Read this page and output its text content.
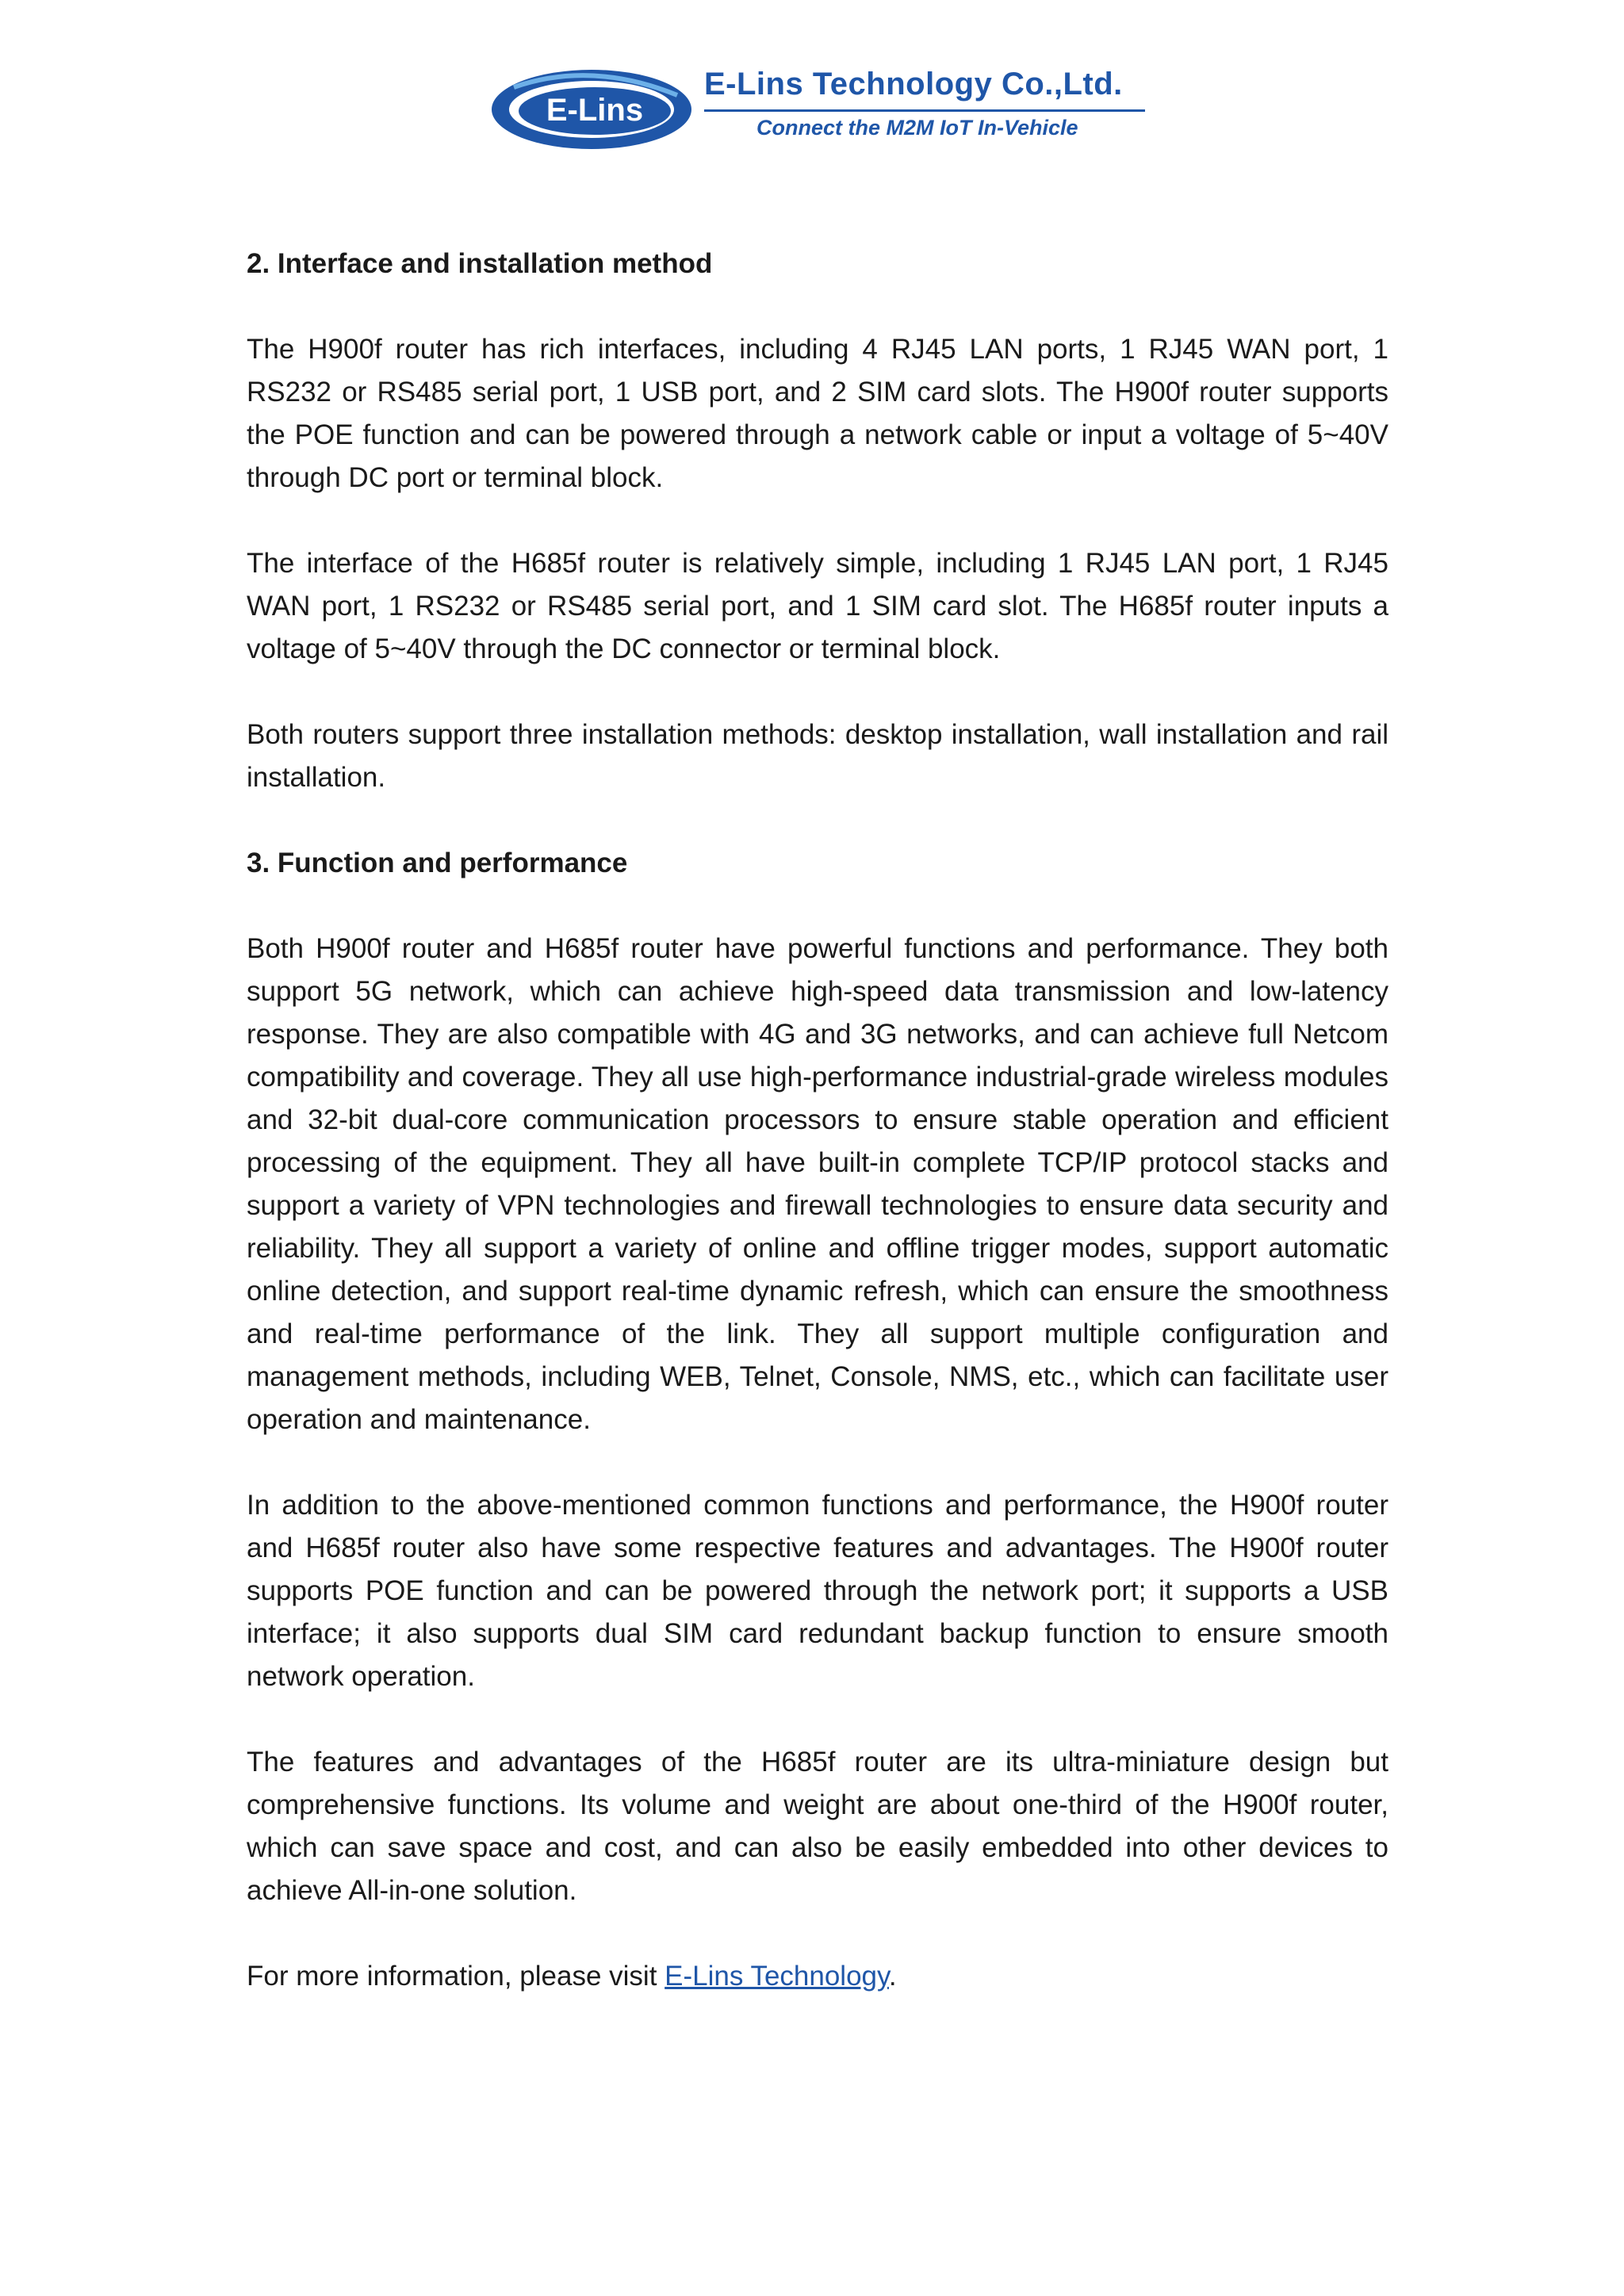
E-Lins
E-Lins Technology Co.,Ltd.
Connect the M2M IoT In-Vehicle
2. Interface and installation method

The H900f router has rich interfaces, including 4 RJ45 LAN ports, 1 RJ45 WAN port, 1 RS232 or RS485 serial port, 1 USB port, and 2 SIM card slots. The H900f router supports the POE function and can be powered through a network cable or input a voltage of 5~40V through DC port or terminal block.

The interface of the H685f router is relatively simple, including 1 RJ45 LAN port, 1 RJ45 WAN port, 1 RS232 or RS485 serial port, and 1 SIM card slot. The H685f router inputs a voltage of 5~40V through the DC connector or terminal block.

Both routers support three installation methods: desktop installation, wall installation and rail installation.

3. Function and performance

Both H900f router and H685f router have powerful functions and performance. They both support 5G network, which can achieve high-speed data transmission and low-latency response. They are also compatible with 4G and 3G networks, and can achieve full Netcom compatibility and coverage. They all use high-performance industrial-grade wireless modules and 32-bit dual-core communication processors to ensure stable operation and efficient processing of the equipment. They all have built-in complete TCP/IP protocol stacks and support a variety of VPN technologies and firewall technologies to ensure data security and reliability. They all support a variety of online and offline trigger modes, support automatic online detection, and support real-time dynamic refresh, which can ensure the smoothness and real-time performance of the link. They all support multiple configuration and management methods, including WEB, Telnet, Console, NMS, etc., which can facilitate user operation and maintenance.

In addition to the above-mentioned common functions and performance, the H900f router and H685f router also have some respective features and advantages. The H900f router supports POE function and can be powered through the network port; it supports a USB interface; it also supports dual SIM card redundant backup function to ensure smooth network operation.

The features and advantages of the H685f router are its ultra-miniature design but comprehensive functions. Its volume and weight are about one-third of the H900f router, which can save space and cost, and can also be easily embedded into other devices to achieve All-in-one solution.

For more information, please visit E-Lins Technology.
